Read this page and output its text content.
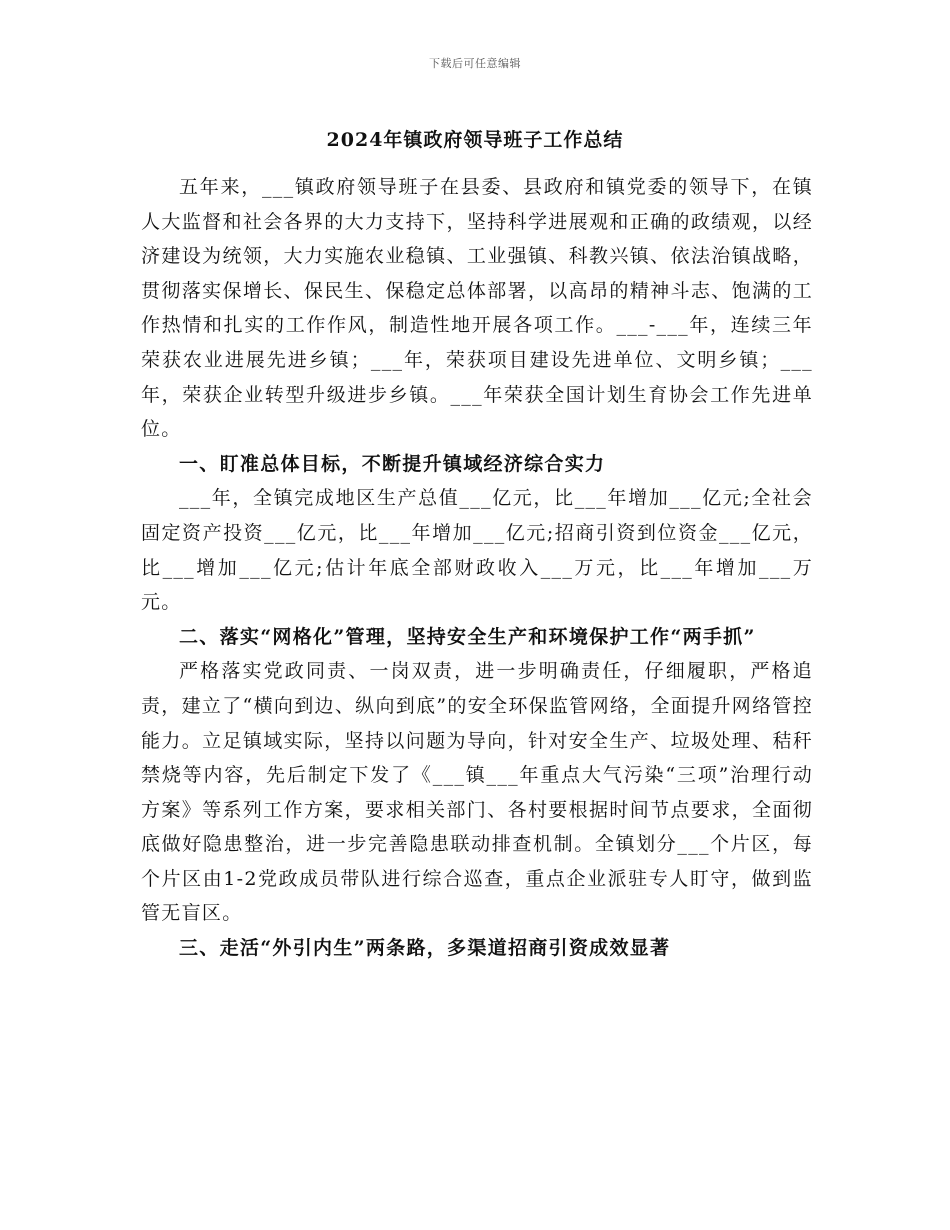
下载后可任意编辑
2024年镇政府领导班子工作总结

五年来，___镇政府领导班子在县委、县政府和镇党委的领导下，在镇人大监督和社会各界的大力支持下，坚持科学进展观和正确的政绩观，以经济建设为统领，大力实施农业稳镇、工业强镇、科教兴镇、依法治镇战略，贯彻落实保增长、保民生、保稳定总体部署，以高昂的精神斗志、饱满的工作热情和扎实的工作作风，制造性地开展各项工作。___-___年，连续三年荣获农业进展先进乡镇；___年，荣获项目建设先进单位、文明乡镇；___年，荣获企业转型升级进步乡镇。___年荣获全国计划生育协会工作先进单位。

一、盯准总体目标，不断提升镇域经济综合实力

___年，全镇完成地区生产总值___亿元，比___年增加___亿元;全社会固定资产投资___亿元，比___年增加___亿元;招商引资到位资金___亿元，比___增加___亿元;估计年底全部财政收入___万元，比___年增加___万元。

二、落实“网格化”管理，坚持安全生产和环境保护工作“两手抓”

严格落实党政同责、一岗双责，进一步明确责任，仔细履职，严格追责，建立了“横向到边、纵向到底”的安全环保监管网络，全面提升网络管控能力。立足镇域实际，坚持以问题为导向，针对安全生产、垃圾处理、秸秆禁烧等内容，先后制定下发了《___镇___年重点大气污染“三项”治理行动方案》等系列工作方案，要求相关部门、各村要根据时间节点要求，全面彻底做好隐患整治，进一步完善隐患联动排查机制。全镇划分___个片区，每个片区由1-2党政成员带队进行综合巡查，重点企业派驻专人盯守，做到监管无盲区。

三、走活“外引内生”两条路，多渠道招商引资成效显著
